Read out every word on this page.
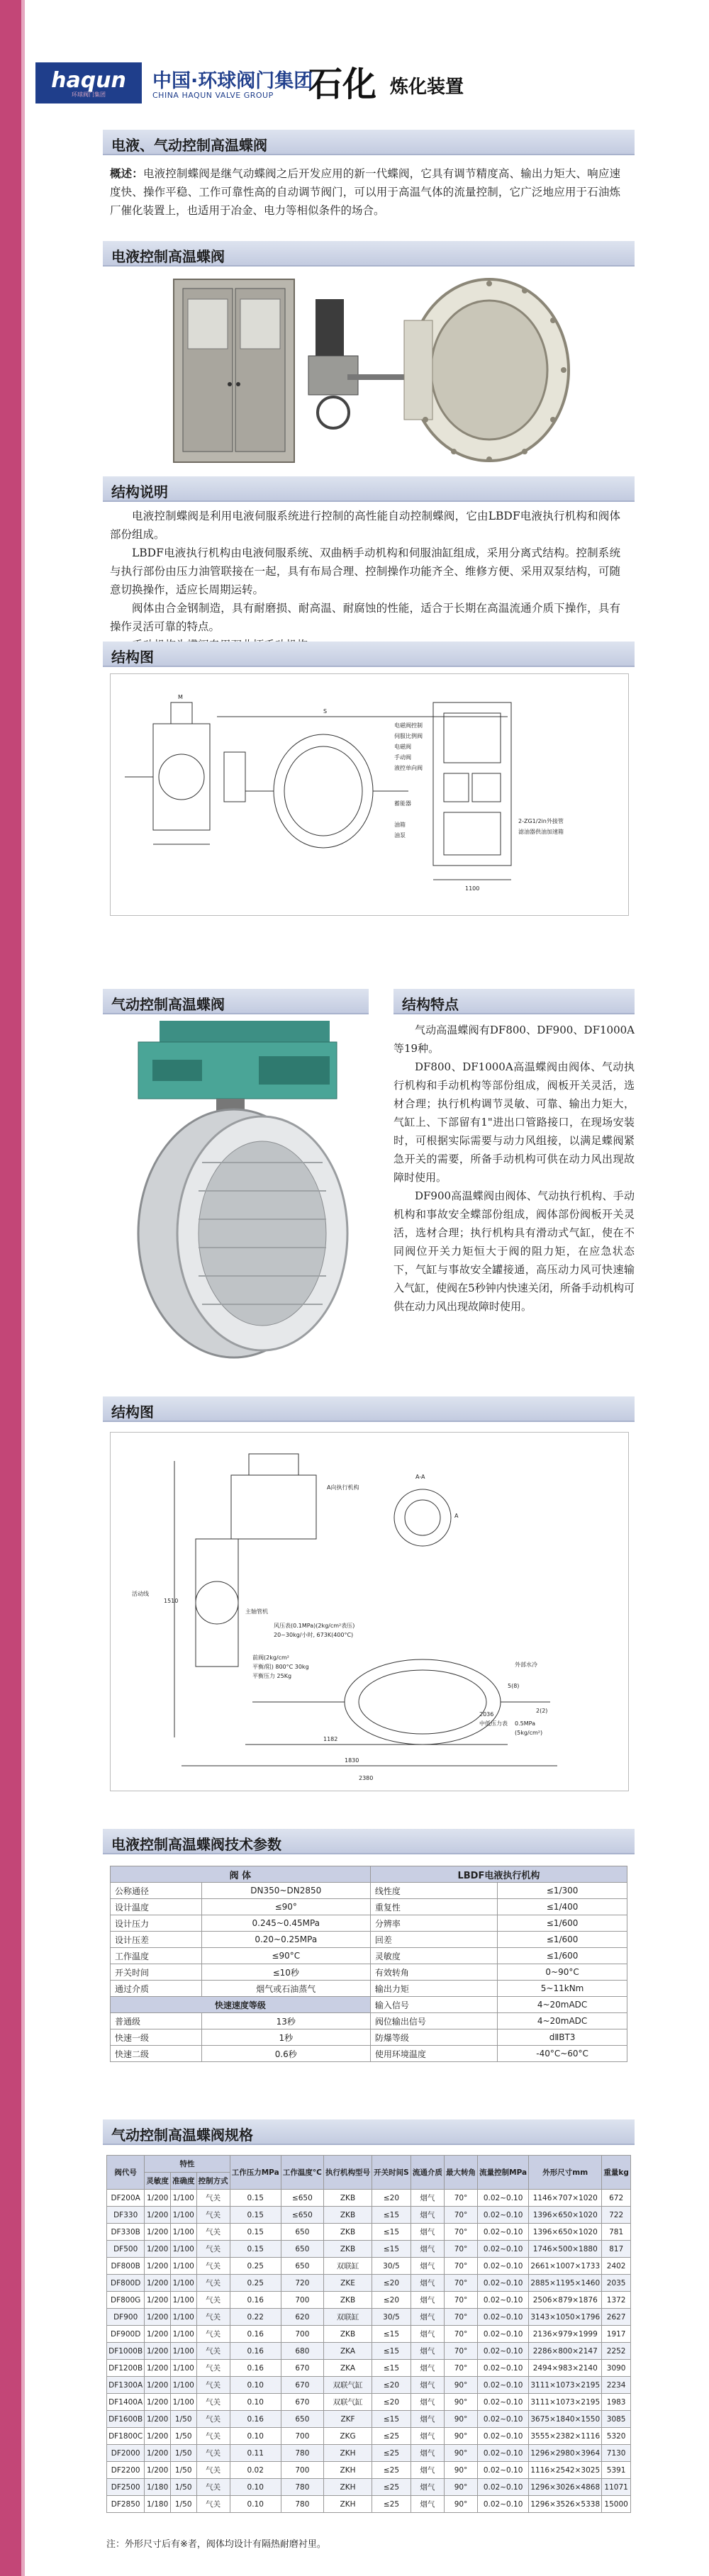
haqun
环球阀门集团
中国·环球阀门集团
CHINA HAQUN VALVE GROUP 石化 炼化装置
电液、气动控制高温蝶阀

概述：电液控制蝶阀是继气动蝶阀之后开发应用的新一代蝶阀，它具有调节精度高、输出力矩大、响应速度快、操作平稳、工作可靠性高的自动调节阀门，可以用于高温气体的流量控制，它广泛地应用于石油炼厂催化装置上，也适用于冶金、电力等相似条件的场合。

电液控制高温蝶阀
结构说明

电液控制蝶阀是利用电液伺服系统进行控制的高性能自动控制蝶阀，它由LBDF电液执行机构和阀体部份组成。

LBDF电液执行机构由电液伺服系统、双曲柄手动机构和伺服油缸组成，采用分离式结构。控制系统与执行部份由压力油管联接在一起，具有布局合理、控制操作功能齐全、维修方便、采用双泵结构，可随意切换操作，适应长周期运转。

阀体由合金钢制造，具有耐磨损、耐高温、耐腐蚀的性能，适合于长期在高温流通介质下操作，具有操作灵活可靠的特点。

结构图
电磁阀控制
伺服比例阀
电磁阀
手动阀
液控单向阀
蓄能器
油箱
油泵
1100
2-ZG1/2in外接管
滤油器供油加速箱
S
M
气动控制高温蝶阀	结构特点

气动高温蝶阀有DF800、DF900、DF1000A等19种。

DF800、DF1000A高温蝶阀由阀体、气动执行机构和手动机构等部份组成，阀板开关灵活，选材合理；执行机构调节灵敏、可靠、输出力矩大，气缸上、下部留有1"进出口管路接口，在现场安装时，可根据实际需要与动力风组接，以满足蝶阀紧急开关的需要，所备手动机构可供在动力风出现故障时使用。

DF900高温蝶阀由阀体、气动执行机构、手动机构和事故安全蝶部份组成，阀体部份阀板开关灵活，选材合理；执行机构具有滑动式气缸，使在不同阀位开关力矩恒大于阀的阻力矩，在应急状态下，气缸与事故安全罐接通，高压动力风可快速输入气缸，使阀在5秒钟内快速关闭，所备手动机构可供在动力风出现故障时使用。

结构图
A-A
A向执行机构
A
活动线
1510
主轴管机
风压表(0.1MPa)(2kg/cm²表压)
20~30kg/小时, 673K(400°C)
前阀(2kg/cm²
平衡/阻) 800°C 30kg
平衡压力 25Kg
5(8)
外部水冷
2036
中低压力表 0.5MPa
(5kg/cm²)
2(2)
1182
1830
2380
电液控制高温蝶阀技术参数
阀 体		LBDF电液执行机构	
公称通径	DN350~DN2850	线性度	≤1/300
设计温度	≤90°	重复性	≤1/400
设计压力	0.245~0.45MPa	分辨率	≤1/600
设计压差	0.20~0.25MPa	回差	≤1/600
工作温度	≤90°C	灵敏度	≤1/600
开关时间	≤10秒	有效转角	0~90°C
通过介质	烟气或石油蒸气	输出力矩	5~11kNm
快速速度等级		输入信号	4~20mADC
普通级	13秒	阀位输出信号	4~20mADC
快速一级	1秒	防爆等级	dⅡBT3
快速二级	0.6秒	使用环境温度	-40°C~60°C
气动控制高温蝶阀规格
阀代号	特性			工作压力MPa	工作温度°C	执行机构型号	开关时间S	流通介质	最大转角	流量控制MPa	外形尺寸mm	重量kg
	灵敏度	准确度	控制方式									
DF200A	1/200	1/100	气关	0.15	≤650	ZKB	≤20	烟气	70°	0.02~0.10	1146×707×1020	672
DF330	1/200	1/100	气关	0.15	≤650	ZKB	≤15	烟气	70°	0.02~0.10	1396×650×1020	722
DF330B	1/200	1/100	气关	0.15	650	ZKB	≤15	烟气	70°	0.02~0.10	1396×650×1020	781
DF500	1/200	1/100	气关	0.15	650	ZKB	≤15	烟气	70°	0.02~0.10	1746×500×1880	817
DF800B	1/200	1/100	气关	0.25	650	双联缸	30/5	烟气	70°	0.02~0.10	2661×1007×1733	2402
DF800D	1/200	1/100	气关	0.25	720	ZKE	≤20	烟气	70°	0.02~0.10	2885×1195×1460	2035
DF800G	1/200	1/100	气关	0.16	700	ZKB	≤20	烟气	70°	0.02~0.10	2506×879×1876	1372
DF900	1/200	1/100	气关	0.22	620	双联缸	30/5	烟气	70°	0.02~0.10	3143×1050×1796	2627
DF900D	1/200	1/100	气关	0.16	700	ZKB	≤15	烟气	70°	0.02~0.10	2136×979×1999	1917
DF1000B	1/200	1/100	气关	0.16	680	ZKA	≤15	烟气	70°	0.02~0.10	2286×800×2147	2252
DF1200B	1/200	1/100	气关	0.16	670	ZKA	≤15	烟气	70°	0.02~0.10	2494×983×2140	3090
DF1300A	1/200	1/100	气关	0.10	670	双联气缸	≤20	烟气	90°	0.02~0.10	3111×1073×2195	2234
DF1400A	1/200	1/100	气关	0.10	670	双联气缸	≤20	烟气	90°	0.02~0.10	3111×1073×2195	1983
DF1600B	1/200	1/50	气关	0.16	650	ZKF	≤15	烟气	90°	0.02~0.10	3675×1840×1550	3085
DF1800C	1/200	1/50	气关	0.10	700	ZKG	≤25	烟气	90°	0.02~0.10	3555×2382×1116	5320
DF2000	1/200	1/50	气关	0.11	780	ZKH	≤25	烟气	90°	0.02~0.10	1296×2980×3964	7130
DF2200	1/200	1/50	气关	0.02	700	ZKH	≤25	烟气	90°	0.02~0.10	1116×2542×3025	5391
DF2500	1/180	1/50	气关	0.10	780	ZKH	≤25	烟气	90°	0.02~0.10	1296×3026×4868	11071
DF2850	1/180	1/50	气关	0.10	780	ZKH	≤25	烟气	90°	0.02~0.10	1296×3526×5338	15000
注：外形尺寸后有※者，阀体均设计有隔热耐磨衬里。
